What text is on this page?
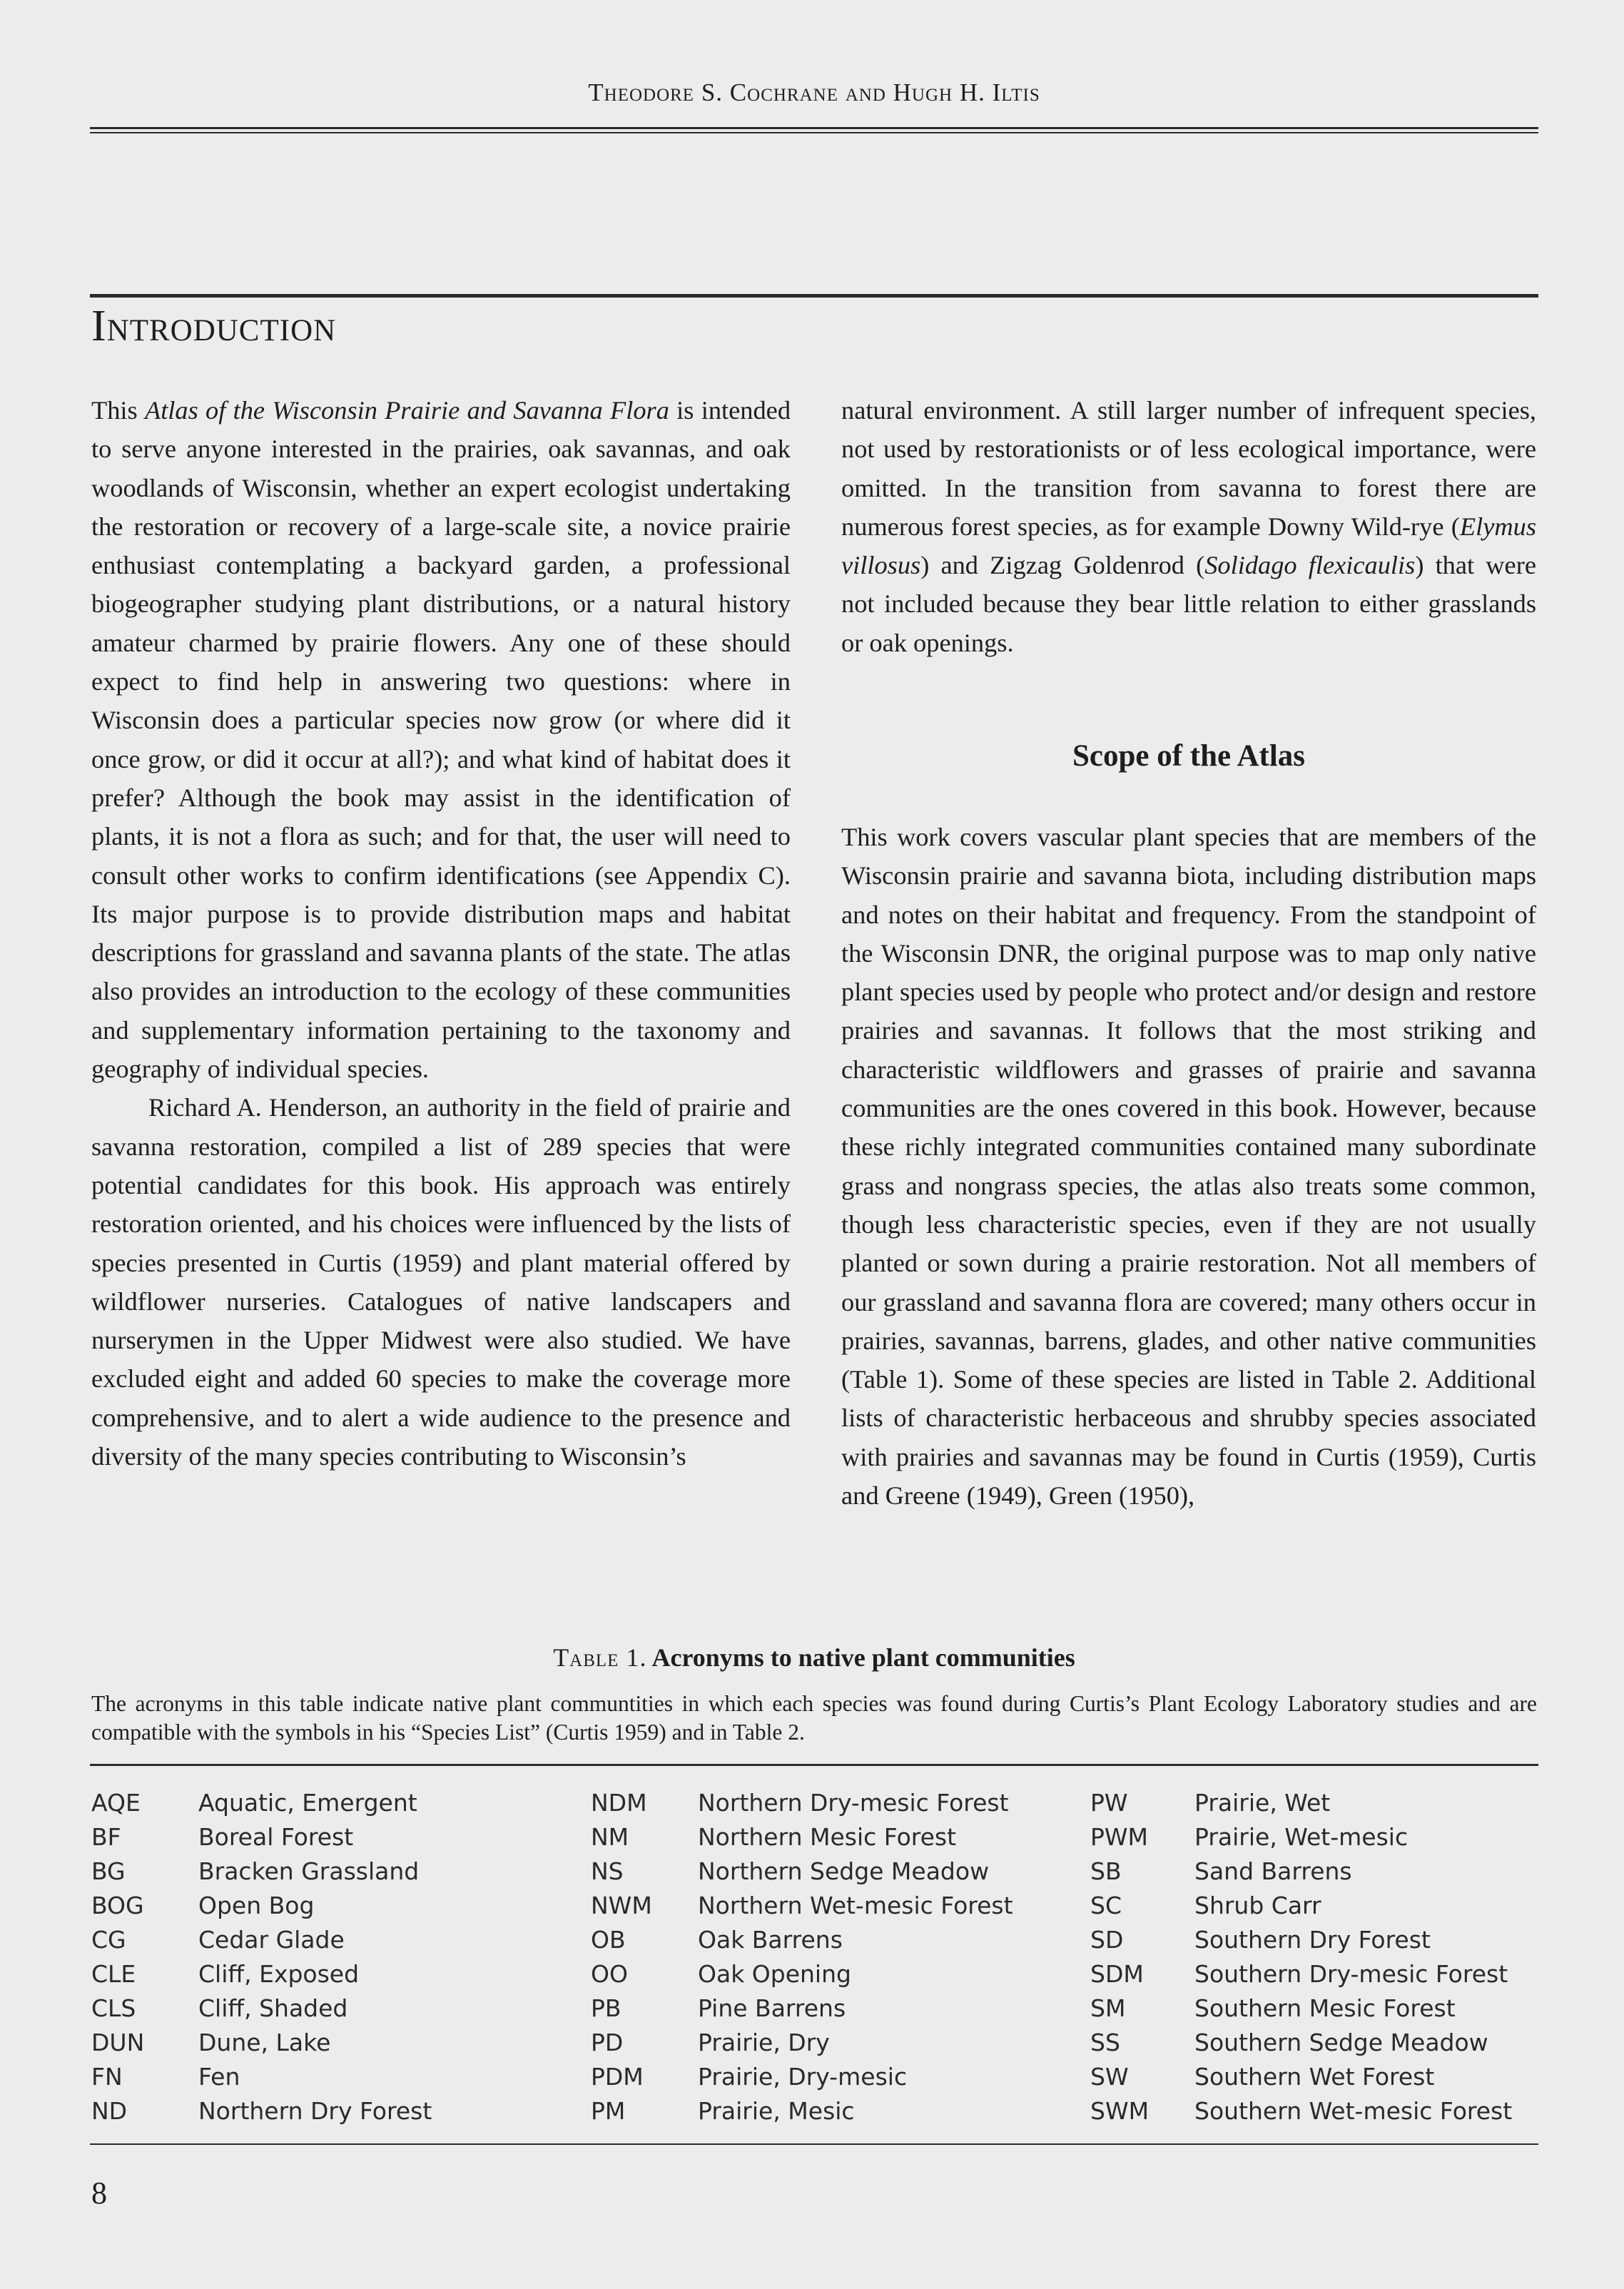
Theodore S. Cochrane and Hugh H. Iltis
Introduction

This Atlas of the Wisconsin Prairie and Savanna Flora is intended to serve anyone interested in the prairies, oak savannas, and oak woodlands of Wisconsin, whether an expert ecologist undertaking the restoration or recovery of a large-scale site, a novice prairie enthusiast contemplating a backyard garden, a professional biogeographer studying plant distributions, or a natural history amateur charmed by prairie flowers. Any one of these should expect to find help in answering two questions: where in Wisconsin does a particular species now grow (or where did it once grow, or did it occur at all?); and what kind of habitat does it prefer? Although the book may assist in the identification of plants, it is not a flora as such; and for that, the user will need to consult other works to confirm identifications (see Appendix C). Its major purpose is to provide distribution maps and habitat descriptions for grassland and savanna plants of the state. The atlas also provides an introduction to the ecology of these communities and supplementary information pertaining to the taxonomy and geography of individual species.

Richard A. Henderson, an authority in the field of prairie and savanna restoration, compiled a list of 289 species that were potential candidates for this book. His approach was entirely restoration oriented, and his choices were influenced by the lists of species presented in Curtis (1959) and plant material offered by wildflower nurseries. Catalogues of native landscapers and nurserymen in the Upper Midwest were also studied. We have excluded eight and added 60 species to make the coverage more comprehensive, and to alert a wide audience to the presence and diversity of the many species contributing to Wisconsin’s

natural environment. A still larger number of infrequent species, not used by restorationists or of less ecological importance, were omitted. In the transition from savanna to forest there are numerous forest species, as for example Downy Wild-rye (Elymus villosus) and Zigzag Goldenrod (Solidago flexicaulis) that were not included because they bear little relation to either grasslands or oak openings.

Scope of the Atlas

This work covers vascular plant species that are members of the Wisconsin prairie and savanna biota, including distribution maps and notes on their habitat and frequency. From the standpoint of the Wisconsin DNR, the original purpose was to map only native plant species used by people who protect and/or design and restore prairies and savannas. It follows that the most striking and characteristic wildflowers and grasses of prairie and savanna communities are the ones covered in this book. However, because these richly integrated communities contained many subordinate grass and nongrass species, the atlas also treats some common, though less characteristic species, even if they are not usually planted or sown during a prairie restoration. Not all members of our grassland and savanna flora are covered; many others occur in prairies, savannas, barrens, glades, and other native communities (Table 1). Some of these species are listed in Table 2. Additional lists of characteristic herbaceous and shrubby species associated with prairies and savannas may be found in Curtis (1959), Curtis and Greene (1949), Green (1950),

Table 1. Acronyms to native plant communities
The acronyms in this table indicate native plant communtities in which each species was found during Curtis’s Plant Ecology Laboratory studies and are compatible with the symbols in his “Species List” (Curtis 1959) and in Table 2.
AQE Aquatic, Emergent
BF	Boreal Forest
BG	Bracken Grassland
BOG Open Bog
CG	Cedar Glade
CLE	Cliff, Exposed
CLS	Cliff, Shaded
DUN Dune, Lake
FN	Fen
ND	Northern Dry Forest
NDM Northern Dry-mesic Forest
NM	Northern Mesic Forest
NS	Northern Sedge Meadow
NWM Northern Wet-mesic Forest
OB	Oak Barrens
OO	Oak Opening
PB	Pine Barrens
PD	Prairie, Dry
PDM Prairie, Dry-mesic
PM	Prairie, Mesic
PW	Prairie, Wet
PWM Prairie, Wet-mesic
SB	Sand Barrens
SC	Shrub Carr
SD	Southern Dry Forest
SDM Southern Dry-mesic Forest
SM	Southern Mesic Forest
SS	Southern Sedge Meadow
SW	Southern Wet Forest
SWM Southern Wet-mesic Forest
8
